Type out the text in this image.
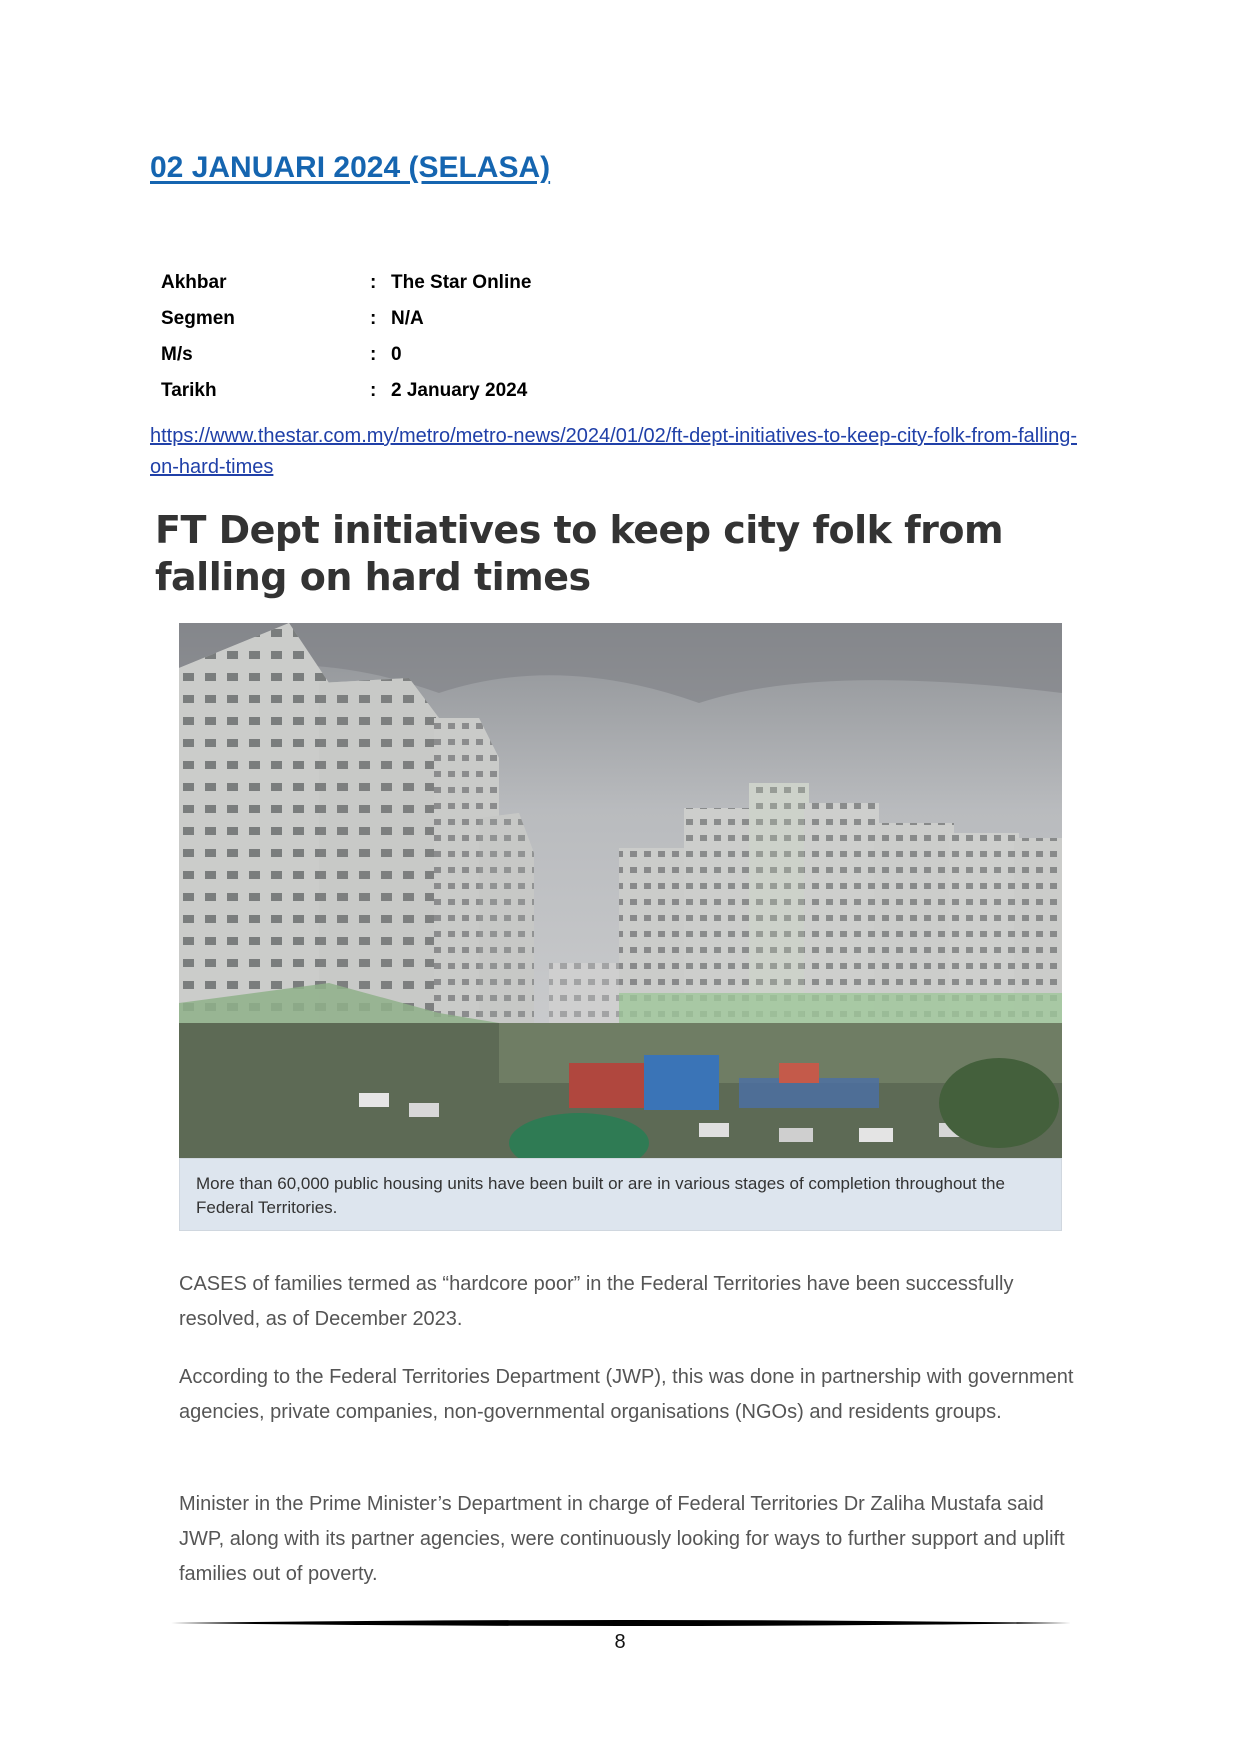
02 JANUARI 2024 (SELASA)
Akhbar	: The Star Online
Segmen	: N/A
M/s	: 0
Tarikh	: 2 January 2024
https://www.thestar.com.my/metro/metro-news/2024/01/02/ft-dept-initiatives-to-keep-city-folk-from-falling-on-hard-times
FT Dept initiatives to keep city folk from falling on hard times
More than 60,000 public housing units have been built or are in various stages of completion throughout the Federal Territories.
CASES of families termed as “hardcore poor” in the Federal Territories have been successfully resolved, as of December 2023.
According to the Federal Territories Department (JWP), this was done in partnership with government agencies, private companies, non-governmental organisations (NGOs) and residents groups.
Minister in the Prime Minister’s Department in charge of Federal Territories Dr Zaliha Mustafa said JWP, along with its partner agencies, were continuously looking for ways to further support and uplift families out of poverty.
8
